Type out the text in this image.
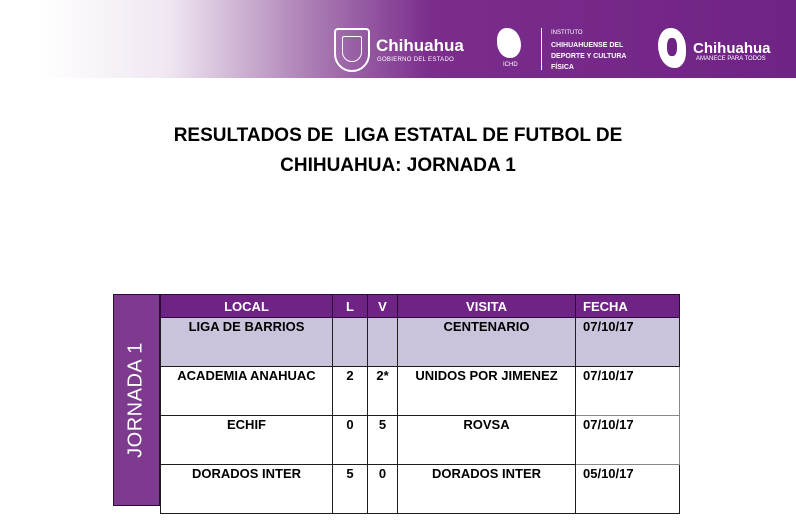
Chihuahua
GOBIERNO DEL ESTADO
ICHD
INSTITUTO
CHIHUAHUENSE DEL DEPORTE Y CULTURA FÍSICA
Chihuahua
AMANECE PARA TODOS
RESULTADOS DE  LIGA ESTATAL DE FUTBOL DE
CHIHUAHUA: JORNADA 1
JORNADA 1
LOCAL	L	V	VISITA	FECHA
LIGA DE BARRIOS			CENTENARIO	07/10/17
ACADEMIA ANAHUAC	2	2*	UNIDOS POR JIMENEZ	07/10/17
ECHIF	0	5	ROVSA	07/10/17
DORADOS INTER	5	0	DORADOS INTER	05/10/17
